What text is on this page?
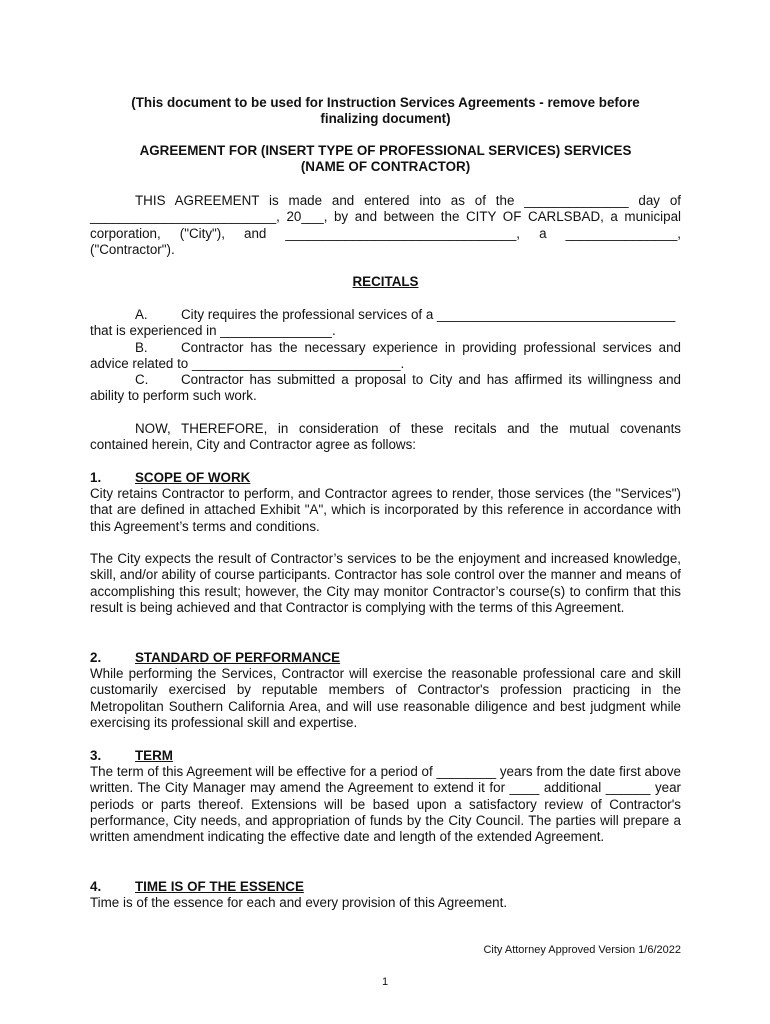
(This document to be used for Instruction Services Agreements - remove before
finalizing document)
AGREEMENT FOR (INSERT TYPE OF PROFESSIONAL SERVICES) SERVICES
(NAME OF CONTRACTOR)
THIS AGREEMENT is made and entered into as of the ______________ day of
_________________________, 20___, by and between the CITY OF CARLSBAD, a municipal
corporation, ("City"), and _______________________________, a _______________,
("Contractor").
RECITALS
A. City requires the professional services of a ________________________________
that is experienced in _______________.
B.	Contractor has the necessary experience in providing professional services and
advice related to ____________________________.
C.	Contractor has submitted a proposal to City and has affirmed its willingness and
ability to perform such work.
NOW, THEREFORE, in consideration of these recitals and the mutual covenants
contained herein, City and Contractor agree as follows:
1.	SCOPE OF WORK

City retains Contractor to perform, and Contractor agrees to render, those services (the "Services") that are defined in attached Exhibit "A", which is incorporated by this reference in accordance with this Agreement’s terms and conditions.

The City expects the result of Contractor’s services to be the enjoyment and increased knowledge, skill, and/or ability of course participants. Contractor has sole control over the manner and means of accomplishing this result; however, the City may monitor Contractor’s course(s) to confirm that this result is being achieved and that Contractor is complying with the terms of this Agreement.

2.	STANDARD OF PERFORMANCE

While performing the Services, Contractor will exercise the reasonable professional care and skill customarily exercised by reputable members of Contractor's profession practicing in the Metropolitan Southern California Area, and will use reasonable diligence and best judgment while exercising its professional skill and expertise.

3.	TERM

The term of this Agreement will be effective for a period of ________ years from the date first above written. The City Manager may amend the Agreement to extend it for ____ additional ______ year periods or parts thereof. Extensions will be based upon a satisfactory review of Contractor's performance, City needs, and appropriation of funds by the City Council. The parties will prepare a written amendment indicating the effective date and length of the extended Agreement.

4.	TIME IS OF THE ESSENCE

Time is of the essence for each and every provision of this Agreement.

City Attorney Approved Version 1/6/2022
1
